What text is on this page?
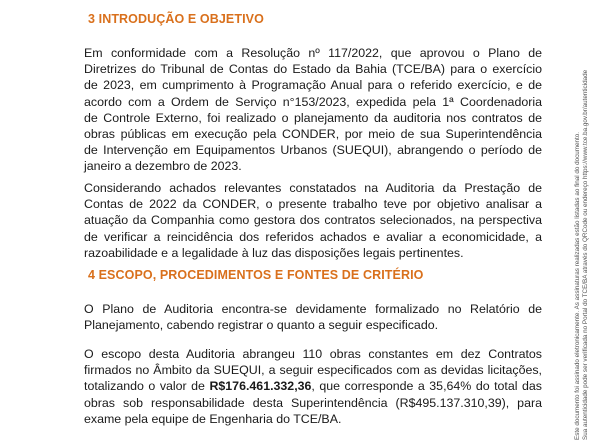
3 INTRODUÇÃO E OBJETIVO

Em conformidade com a Resolução nº 117/2022, que aprovou o Plano de
Diretrizes do Tribunal de Contas do Estado da Bahia (TCE/BA) para o exercício
de 2023, em cumprimento à Programação Anual para o referido exercício, e de
acordo com a Ordem de Serviço n°153/2023, expedida pela 1ª Coordenadoria
de Controle Externo, foi realizado o planejamento da auditoria nos contratos de
obras públicas em execução pela CONDER, por meio de sua Superintendência
de Intervenção em Equipamentos Urbanos (SUEQUI), abrangendo o período de
janeiro a dezembro de 2023.

Considerando achados relevantes constatados na Auditoria da Prestação de
Contas de 2022 da CONDER, o presente trabalho teve por objetivo analisar a
atuação da Companhia como gestora dos contratos selecionados, na perspectiva
de verificar a reincidência dos referidos achados e avaliar a economicidade, a
razoabilidade e a legalidade à luz das disposições legais pertinentes.

4 ESCOPO, PROCEDIMENTOS E FONTES DE CRITÉRIO

O Plano de Auditoria encontra-se devidamente formalizado no Relatório de
Planejamento, cabendo registrar o quanto a seguir especificado.

O escopo desta Auditoria abrangeu 110 obras constantes em dez Contratos
firmados no Âmbito da SUEQUI, a seguir especificados com as devidas licitações,
totalizando o valor de R$176.461.332,36, que corresponde a 35,64% do total das
obras sob responsabilidade desta Superintendência (R$495.137.310,39), para
exame pela equipe de Engenharia do TCE/BA.	Este documento foi assinado eletronicamente. As assinaturas realizadas estão listadas ao final do documento. Sua autenticidade pode ser verificada no Portal do TCE/BA através do QRCode ou endereço https://www.tce.ba.gov.br/autenticidade
